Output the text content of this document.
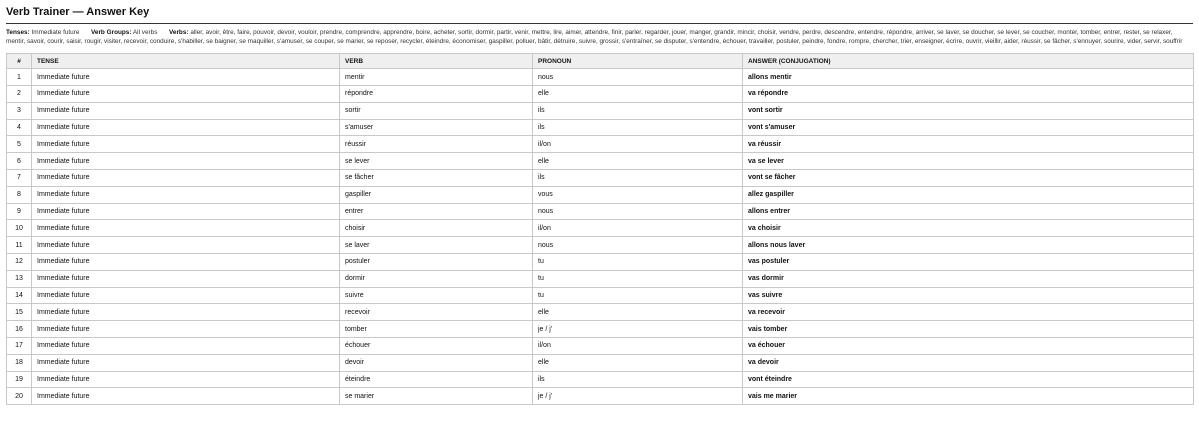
Verb Trainer — Answer Key
Tenses: Immediate future Verb Groups: All verbs Verbs: aller, avoir, être, faire, pouvoir, devoir, vouloir, prendre, comprendre, apprendre, boire, acheter, sortir, dormir, partir, venir, mettre, lire, aimer, attendre, finir, parler, regarder, jouer, manger, grandir, mincir, choisir, vendre, perdre, descendre, entendre, répondre, arriver, se laver, se doucher, se lever, se coucher, monter, tomber, entrer, rester, se relaxer, mentir, savoir, courir, saisir, rougir, visiter, recevoir, conduire, s'habiller, se baigner, se maquiller, s'amuser, se couper, se marier, se reposer, recycler, éteindre, économiser, gaspiller, polluer, bâtir, détruire, suivre, grossir, s'entraîner, se disputer, s'entendre, échouer, travailler, postuler, peindre, fondre, rompre, chercher, trier, enseigner, écrire, ouvrir, vieillir, aider, réussir, se fâcher, s'ennuyer, sourire, vider, servir, souffrir
#	TENSE	VERB	PRONOUN	ANSWER (CONJUGATION)
1	Immediate future	mentir	nous	allons mentir
2	Immediate future	répondre	elle	va répondre
3	Immediate future	sortir	ils	vont sortir
4	Immediate future	s'amuser	ils	vont s'amuser
5	Immediate future	réussir	il/on	va réussir
6	Immediate future	se lever	elle	va se lever
7	Immediate future	se fâcher	ils	vont se fâcher
8	Immediate future	gaspiller	vous	allez gaspiller
9	Immediate future	entrer	nous	allons entrer
10	Immediate future	choisir	il/on	va choisir
11	Immediate future	se laver	nous	allons nous laver
12	Immediate future	postuler	tu	vas postuler
13	Immediate future	dormir	tu	vas dormir
14	Immediate future	suivre	tu	vas suivre
15	Immediate future	recevoir	elle	va recevoir
16	Immediate future	tomber	je / j'	vais tomber
17	Immediate future	échouer	il/on	va échouer
18	Immediate future	devoir	elle	va devoir
19	Immediate future	éteindre	ils	vont éteindre
20	Immediate future	se marier	je / j'	vais me marier
